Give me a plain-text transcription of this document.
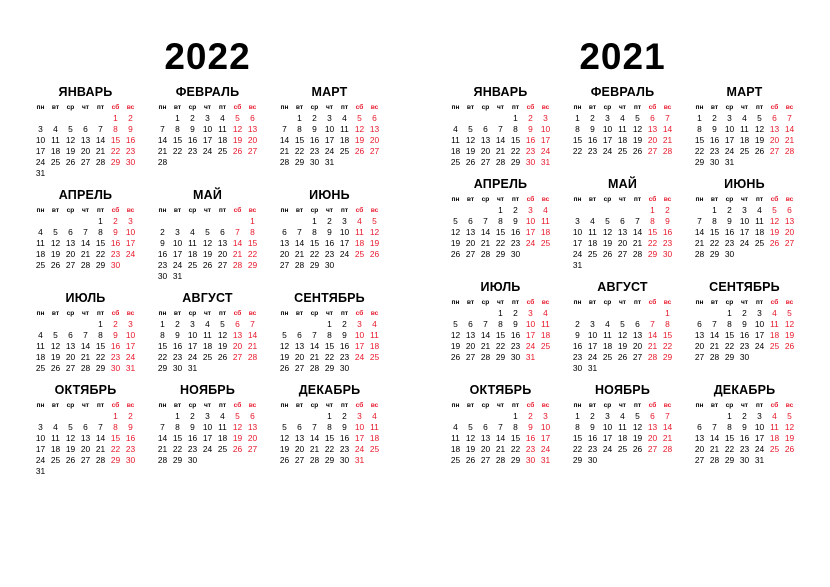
2022
ЯНВАРЬ
пн	вт	ср	чт	пт	сб	вс
					1	2
3	4	5	6	7	8	9
10	11	12	13	14	15	16
17	18	19	20	21	22	23
24	25	26	27	28	29	30
31						
ФЕВРАЛЬ
пн	вт	ср	чт	пт	сб	вс
	1	2	3	4	5	6
7	8	9	10	11	12	13
14	15	16	17	18	19	20
21	22	23	24	25	26	27
28						
МАРТ
пн	вт	ср	чт	пт	сб	вс
	1	2	3	4	5	6
7	8	9	10	11	12	13
14	15	16	17	18	19	20
21	22	23	24	25	26	27
28	29	30	31			
АПРЕЛЬ
пн	вт	ср	чт	пт	сб	вс
				1	2	3
4	5	6	7	8	9	10
11	12	13	14	15	16	17
18	19	20	21	22	23	24
25	26	27	28	29	30	
МАЙ
пн	вт	ср	чт	пт	сб	вс
						1
2	3	4	5	6	7	8
9	10	11	12	13	14	15
16	17	18	19	20	21	22
23	24	25	26	27	28	29
30	31					
ИЮНЬ
пн	вт	ср	чт	пт	сб	вс
		1	2	3	4	5
6	7	8	9	10	11	12
13	14	15	16	17	18	19
20	21	22	23	24	25	26
27	28	29	30			
ИЮЛЬ
пн	вт	ср	чт	пт	сб	вс
				1	2	3
4	5	6	7	8	9	10
11	12	13	14	15	16	17
18	19	20	21	22	23	24
25	26	27	28	29	30	31
АВГУСТ
пн	вт	ср	чт	пт	сб	вс
1	2	3	4	5	6	7
8	9	10	11	12	13	14
15	16	17	18	19	20	21
22	23	24	25	26	27	28
29	30	31				
СЕНТЯБРЬ
пн	вт	ср	чт	пт	сб	вс
			1	2	3	4
5	6	7	8	9	10	11
12	13	14	15	16	17	18
19	20	21	22	23	24	25
26	27	28	29	30		
ОКТЯБРЬ
пн	вт	ср	чт	пт	сб	вс
					1	2
3	4	5	6	7	8	9
10	11	12	13	14	15	16
17	18	19	20	21	22	23
24	25	26	27	28	29	30
31						
НОЯБРЬ
пн	вт	ср	чт	пт	сб	вс
	1	2	3	4	5	6
7	8	9	10	11	12	13
14	15	16	17	18	19	20
21	22	23	24	25	26	27
28	29	30				
ДЕКАБРЬ
пн	вт	ср	чт	пт	сб	вс
			1	2	3	4
5	6	7	8	9	10	11
12	13	14	15	16	17	18
19	20	21	22	23	24	25
26	27	28	29	30	31	
2021
ЯНВАРЬ
пн	вт	ср	чт	пт	сб	вс
				1	2	3
4	5	6	7	8	9	10
11	12	13	14	15	16	17
18	19	20	21	22	23	24
25	26	27	28	29	30	31
ФЕВРАЛЬ
пн	вт	ср	чт	пт	сб	вс
1	2	3	4	5	6	7
8	9	10	11	12	13	14
15	16	17	18	19	20	21
22	23	24	25	26	27	28
МАРТ
пн	вт	ср	чт	пт	сб	вс
1	2	3	4	5	6	7
8	9	10	11	12	13	14
15	16	17	18	19	20	21
22	23	24	25	26	27	28
29	30	31				
АПРЕЛЬ
пн	вт	ср	чт	пт	сб	вс
			1	2	3	4
5	6	7	8	9	10	11
12	13	14	15	16	17	18
19	20	21	22	23	24	25
26	27	28	29	30		
МАЙ
пн	вт	ср	чт	пт	сб	вс
					1	2
3	4	5	6	7	8	9
10	11	12	13	14	15	16
17	18	19	20	21	22	23
24	25	26	27	28	29	30
31						
ИЮНЬ
пн	вт	ср	чт	пт	сб	вс
	1	2	3	4	5	6
7	8	9	10	11	12	13
14	15	16	17	18	19	20
21	22	23	24	25	26	27
28	29	30				
ИЮЛЬ
пн	вт	ср	чт	пт	сб	вс
			1	2	3	4
5	6	7	8	9	10	11
12	13	14	15	16	17	18
19	20	21	22	23	24	25
26	27	28	29	30	31	
АВГУСТ
пн	вт	ср	чт	пт	сб	вс
						1
2	3	4	5	6	7	8
9	10	11	12	13	14	15
16	17	18	19	20	21	22
23	24	25	26	27	28	29
30	31					
СЕНТЯБРЬ
пн	вт	ср	чт	пт	сб	вс
		1	2	3	4	5
6	7	8	9	10	11	12
13	14	15	16	17	18	19
20	21	22	23	24	25	26
27	28	29	30			
ОКТЯБРЬ
пн	вт	ср	чт	пт	сб	вс
				1	2	3
4	5	6	7	8	9	10
11	12	13	14	15	16	17
18	19	20	21	22	23	24
25	26	27	28	29	30	31
НОЯБРЬ
пн	вт	ср	чт	пт	сб	вс
1	2	3	4	5	6	7
8	9	10	11	12	13	14
15	16	17	18	19	20	21
22	23	24	25	26	27	28
29	30					
ДЕКАБРЬ
пн	вт	ср	чт	пт	сб	вс
		1	2	3	4	5
6	7	8	9	10	11	12
13	14	15	16	17	18	19
20	21	22	23	24	25	26
27	28	29	30	31		
